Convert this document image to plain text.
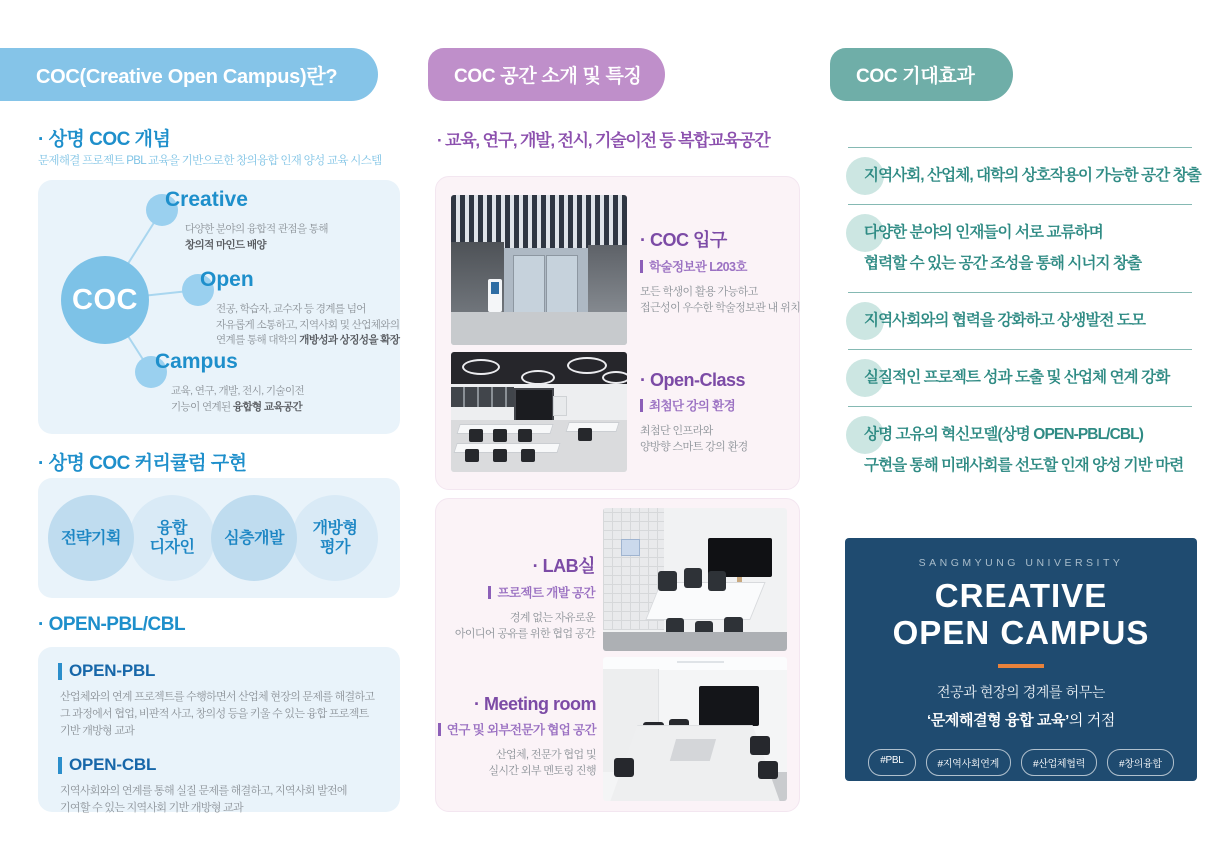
COC(Creative Open Campus)란?
· 상명 COC 개념
문제해결 프로젝트 PBL 교육을 기반으로한 창의융합 인재 양성 교육 시스템
COC
Creative
다양한 분야의 융합적 관점을 통해
창의적 마인드 배양
Open
전공, 학습자, 교수자 등 경계를 넘어
자유롭게 소통하고, 지역사회 및 산업체와의
연계를 통해 대학의 개방성과 상징성을 확장
Campus
교육, 연구, 개발, 전시, 기술이전
기능이 연계된 융합형 교육공간
· 상명 COC 커리큘럼 구현
전략기획
융합
디자인
심층개발
개방형
평가
· OPEN-PBL/CBL
OPEN-PBL
산업체와의 연계 프로젝트를 수행하면서 산업체 현장의 문제를 해결하고
그 과정에서 협업, 비판적 사고, 창의성 등을 키울 수 있는 융합 프로젝트
기반 개방형 교과
OPEN-CBL
지역사회와의 연계를 통해 실질 문제를 해결하고, 지역사회 발전에
기여할 수 있는 지역사회 기반 개방형 교과
COC 공간 소개 및 특징
· 교육, 연구, 개발, 전시, 기술이전 등 복합교육공간
· COC 입구
학술정보관 L203호
모든 학생이 활용 가능하고
접근성이 우수한 학술정보관 내 위치
· Open-Class
최첨단 강의 환경
최첨단 인프라와
양방향 스마트 강의 환경
· LAB실
프로젝트 개발 공간
경계 없는 자유로운
아이디어 공유를 위한 협업 공간
· Meeting room
연구 및 외부전문가 협업 공간
산업체, 전문가 협업 및
실시간 외부 멘토링 진행
COC 기대효과
지역사회, 산업체, 대학의 상호작용이 가능한 공간 창출
다양한 분야의 인재들이 서로 교류하며
협력할 수 있는 공간 조성을 통해 시너지 창출
지역사회와의 협력을 강화하고 상생발전 도모
실질적인 프로젝트 성과 도출 및 산업체 연계 강화
상명 고유의 혁신모델(상명 OPEN-PBL/CBL)
구현을 통해 미래사회를 선도할 인재 양성 기반 마련
SANGMYUNG UNIVERSITY
CREATIVE
OPEN CAMPUS
전공과 현장의 경계를 허무는
‘문제해결형 융합 교육’의 거점
#PBL	#지역사회연계	#산업체협력	#창의융합
